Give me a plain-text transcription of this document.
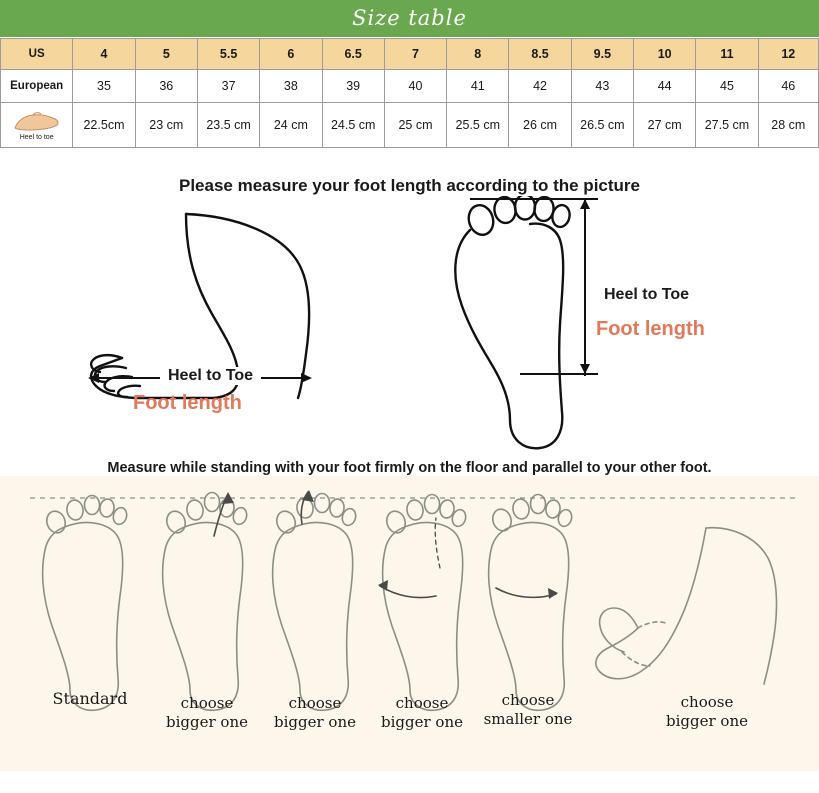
Size table
US	4	5	5.5	6	6.5	7	8	8.5	9.5	10	11	12
European	35	36	37	38	39	40	41	42	43	44	45	46

Heel to toe	22.5cm	23 cm	23.5 cm	24 cm	24.5 cm	25 cm	25.5 cm	26 cm	26.5 cm	27 cm	27.5 cm	28 cm
Please measure your foot length according to the picture
Heel to Toe
Foot length
Heel to Toe
Foot length
Measure while standing with your foot firmly on the floor and parallel to your other foot.
Standard	choose
bigger one
choose
bigger one
choose
bigger one
choose
smaller one
choose
bigger one
